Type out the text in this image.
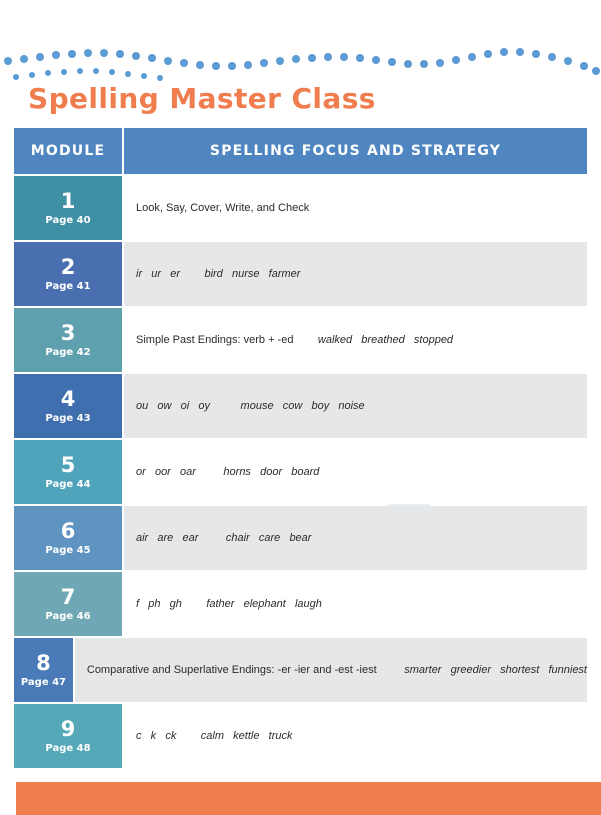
Spelling Master Class
MODULE	SPELLING FOCUS AND STRATEGY
1
Page 40
Look, Say, Cover, Write, and Check
2
Page 41
ir   ur   er        bird   nurse   farmer
3
Page 42
Simple Past Endings: verb + -ed walked   breathed   stopped
4
Page 43
ou   ow   oi   oy          mouse   cow   boy   noise
5
Page 44
or   oor   oar         horns   door   board
6
Page 45
air   are   ear         chair   care   bear
7
Page 46
f   ph   gh        father   elephant   laugh
8
Page 47
Comparative and Superlative Endings: -er -ier and -est -iest smarter   greedier   shortest   funniest
9
Page 48
c   k   ck        calm   kettle   truck
